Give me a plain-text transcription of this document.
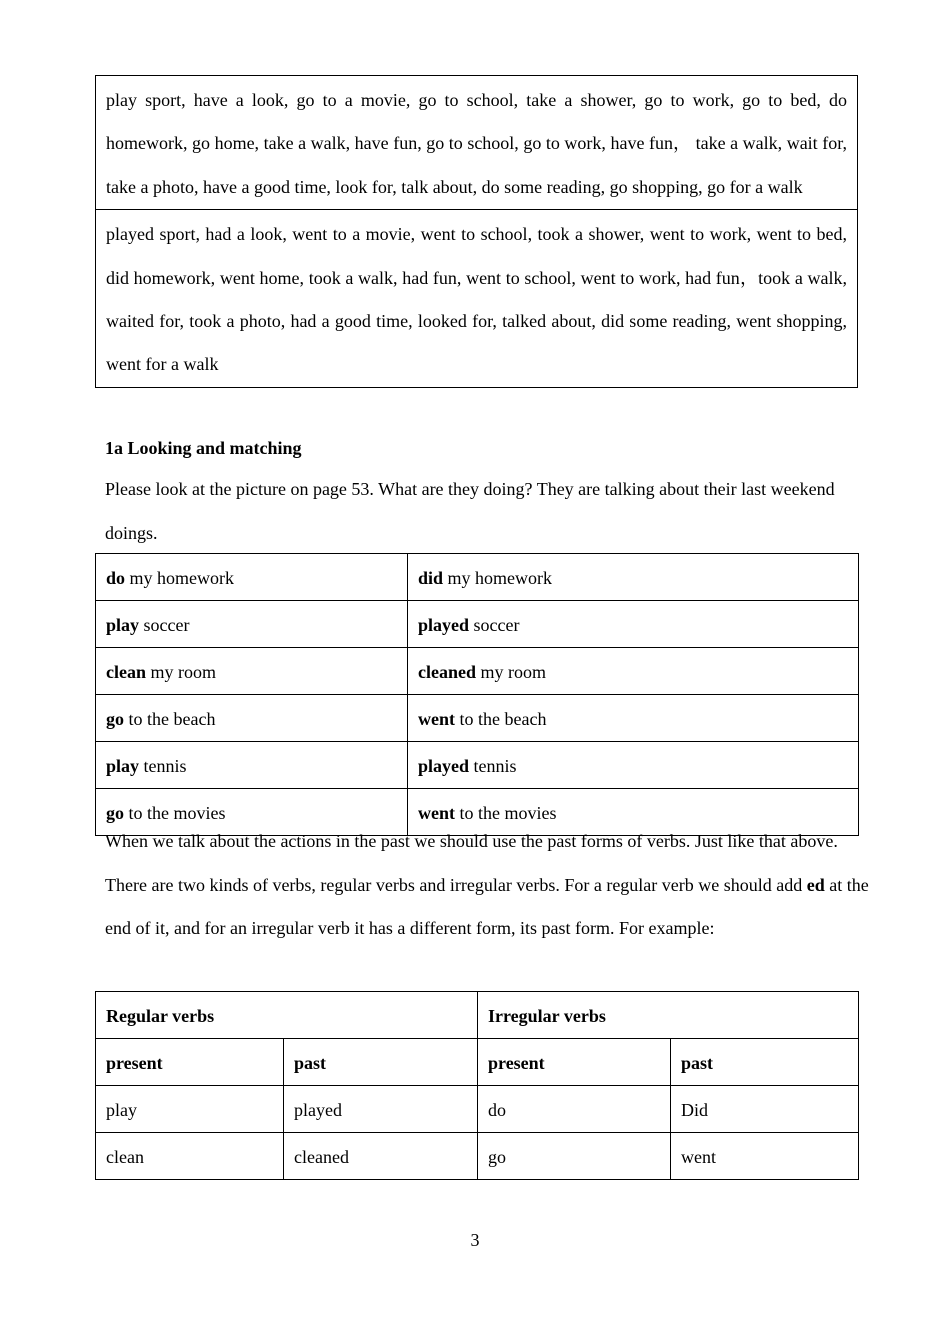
play sport, have a look, go to a movie, go to school, take a shower, go to work, go to bed, do homework, go home, take a walk, have fun, go to school, go to work, have fun， take a walk, wait for, take a photo, have a good time, look for, talk about, do some reading, go shopping, go for a walk
played sport, had a look, went to a movie, went to school, took a shower, went to work, went to bed, did homework, went home, took a walk, had fun, went to school, went to work, had fun，took a walk, waited for, took a photo, had a good time, looked for, talked about, did some reading, went shopping, went for a walk
1a Looking and matching
Please look at the picture on page 53. What are they doing? They are talking about their last weekend doings.
do my homework	did my homework
play soccer	played soccer
clean my room	cleaned my room
go to the beach	went to the beach
play tennis	played tennis
go to the movies	went to the movies
When we talk about the actions in the past we should use the past forms of verbs. Just like that above. There are two kinds of verbs, regular verbs and irregular verbs. For a regular verb we should add ed at the end of it, and for an irregular verb it has a different form, its past form. For example:
Regular verbs		Irregular verbs	
present	past	present	past
play	played	do	Did
clean	cleaned	go	went
3
